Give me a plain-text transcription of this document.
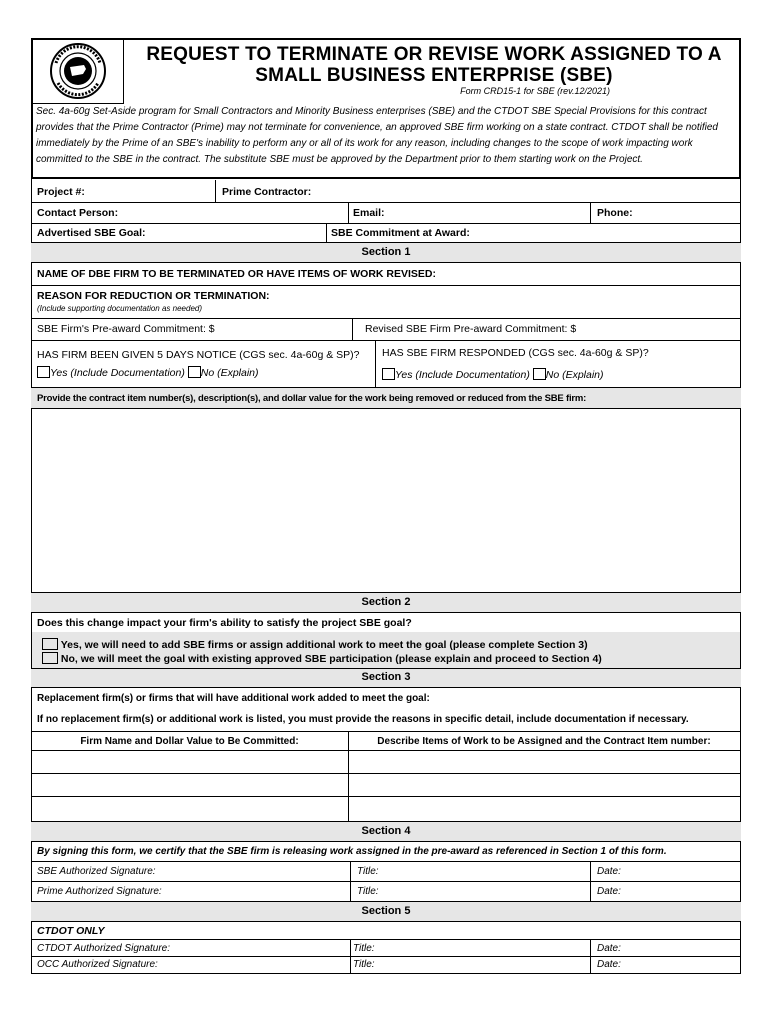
REQUEST TO TERMINATE OR REVISE WORK ASSIGNED TO A
SMALL BUSINESS ENTERPRISE (SBE)
Form CRD15-1 for SBE (rev.12/2021)
Sec. 4a-60g Set-Aside program for Small Contractors and Minority Business enterprises (SBE) and the CTDOT SBE Special Provisions for this contract provides that the Prime Contractor (Prime) may not terminate for convenience, an approved SBE firm working on a state contract. CTDOT shall be notified immediately by the Prime of an SBE's inability to perform any or all of its work for any reason, including changes to the scope of work impacting work committed to the SBE in the contract. The substitute SBE must be approved by the Department prior to them starting work on the Project.
Project #:	Prime Contractor:
Contact Person:	Email:	Phone:
Advertised SBE Goal:	SBE Commitment at Award:
Section 1
NAME OF DBE FIRM TO BE TERMINATED OR HAVE ITEMS OF WORK REVISED:
REASON FOR REDUCTION OR TERMINATION:
(Include supporting documentation as needed)
SBE Firm's Pre-award Commitment: $	Revised SBE Firm Pre-award Commitment: $
HAS FIRM BEEN GIVEN 5 DAYS NOTICE (CGS sec. 4a-60g & SP)?
Yes (Include Documentation) No (Explain)
HAS SBE FIRM RESPONDED (CGS sec. 4a-60g & SP)?
Yes (Include Documentation) No (Explain)
Provide the contract item number(s), description(s), and dollar value for the work being removed or reduced from the SBE firm:
Section 2
Does this change impact your firm's ability to satisfy the project SBE goal?
Yes, we will need to add SBE firms or assign additional work to meet the goal (please complete Section 3)
No, we will meet the goal with existing approved SBE participation (please explain and proceed to Section 4)
Section 3
Replacement firm(s) or firms that will have additional work added to meet the goal:
If no replacement firm(s) or additional work is listed, you must provide the reasons in specific detail, include documentation if necessary.
Firm Name and Dollar Value to Be Committed:	Describe Items of Work to be Assigned and the Contract Item number:
Section 4
By signing this form, we certify that the SBE firm is releasing work assigned in the pre-award as referenced in Section 1 of this form.
SBE Authorized Signature:	Title:	Date:
Prime Authorized Signature:	Title:	Date:
Section 5
CTDOT ONLY
CTDOT Authorized Signature:	Title:	Date:
OCC Authorized Signature:	Title:	Date:
